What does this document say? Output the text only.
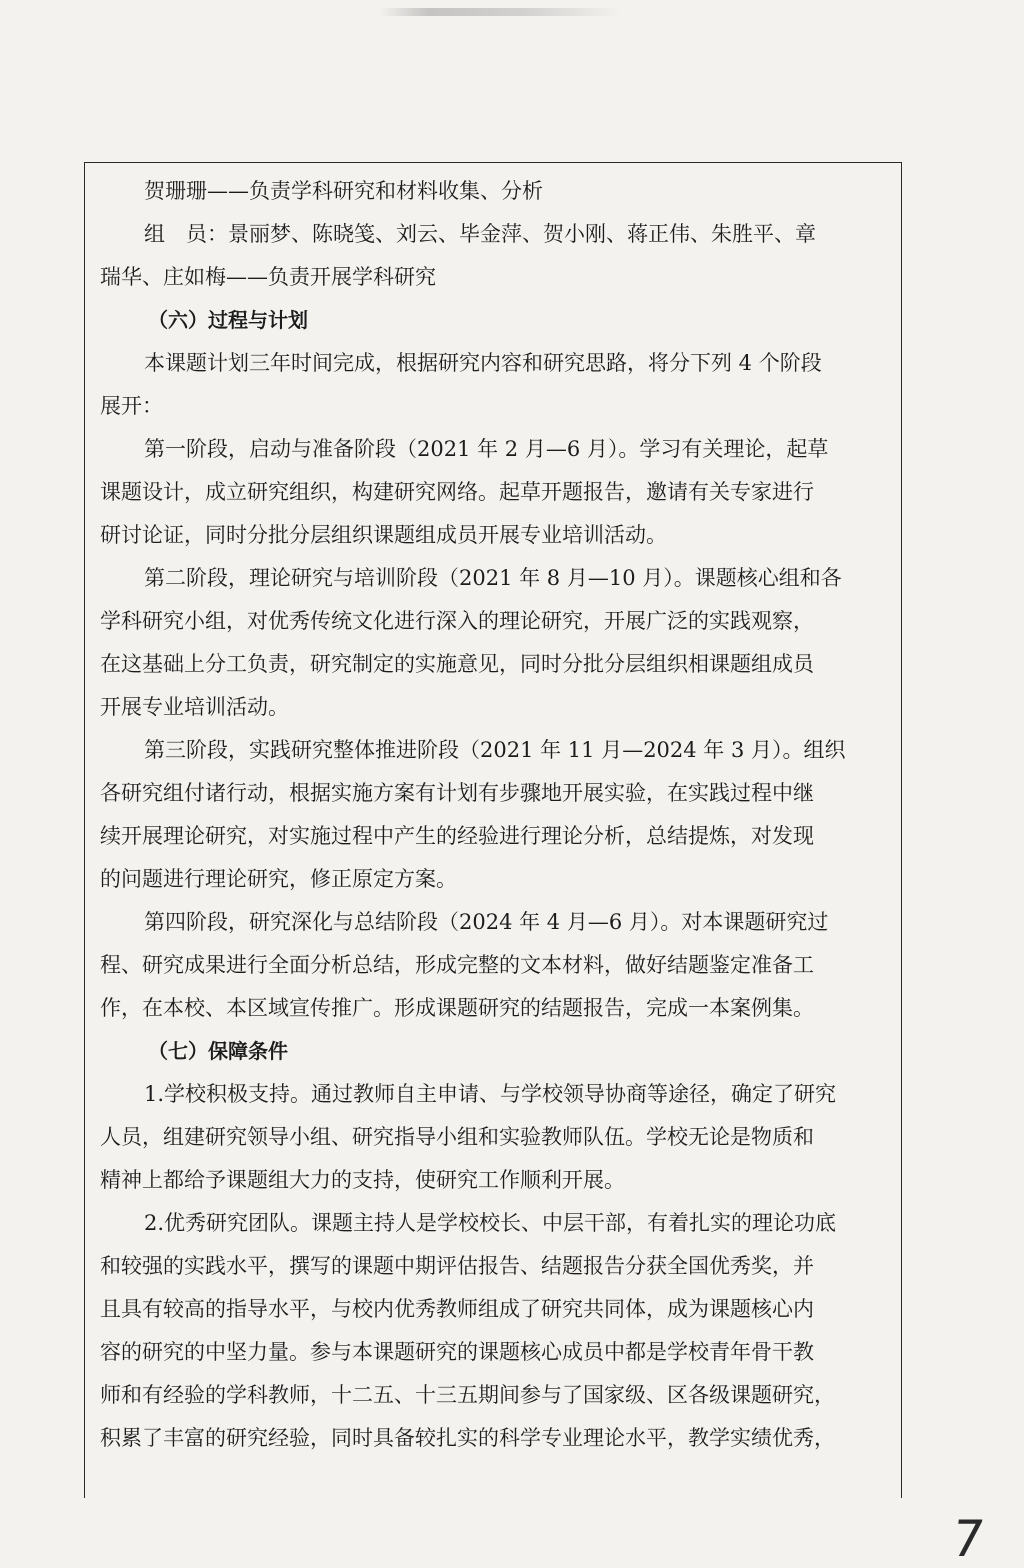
贺珊珊——负责学科研究和材料收集、分析

组　员：景丽梦、陈晓笺、刘云、毕金萍、贺小刚、蒋正伟、朱胜平、章

瑞华、庄如梅——负责开展学科研究

（六）过程与计划

本课题计划三年时间完成，根据研究内容和研究思路，将分下列 4 个阶段

展开：

第一阶段，启动与准备阶段（2021 年 2 月—6 月）。学习有关理论，起草

课题设计，成立研究组织，构建研究网络。起草开题报告，邀请有关专家进行

研讨论证，同时分批分层组织课题组成员开展专业培训活动。

第二阶段，理论研究与培训阶段（2021 年 8 月—10 月）。课题核心组和各

学科研究小组，对优秀传统文化进行深入的理论研究，开展广泛的实践观察，

在这基础上分工负责，研究制定的实施意见，同时分批分层组织相课题组成员

开展专业培训活动。

第三阶段，实践研究整体推进阶段（2021 年 11 月—2024 年 3 月）。组织

各研究组付诸行动，根据实施方案有计划有步骤地开展实验，在实践过程中继

续开展理论研究，对实施过程中产生的经验进行理论分析，总结提炼，对发现

的问题进行理论研究，修正原定方案。

第四阶段，研究深化与总结阶段（2024 年 4 月—6 月）。对本课题研究过

程、研究成果进行全面分析总结，形成完整的文本材料，做好结题鉴定准备工

作，在本校、本区域宣传推广。形成课题研究的结题报告，完成一本案例集。

（七）保障条件

1.学校积极支持。通过教师自主申请、与学校领导协商等途径，确定了研究

人员，组建研究领导小组、研究指导小组和实验教师队伍。学校无论是物质和

精神上都给予课题组大力的支持，使研究工作顺利开展。

2.优秀研究团队。课题主持人是学校校长、中层干部，有着扎实的理论功底

和较强的实践水平，撰写的课题中期评估报告、结题报告分获全国优秀奖，并

且具有较高的指导水平，与校内优秀教师组成了研究共同体，成为课题核心内

容的研究的中坚力量。参与本课题研究的课题核心成员中都是学校青年骨干教

师和有经验的学科教师，十二五、十三五期间参与了国家级、区各级课题研究，

积累了丰富的研究经验，同时具备较扎实的科学专业理论水平，教学实绩优秀，

7
